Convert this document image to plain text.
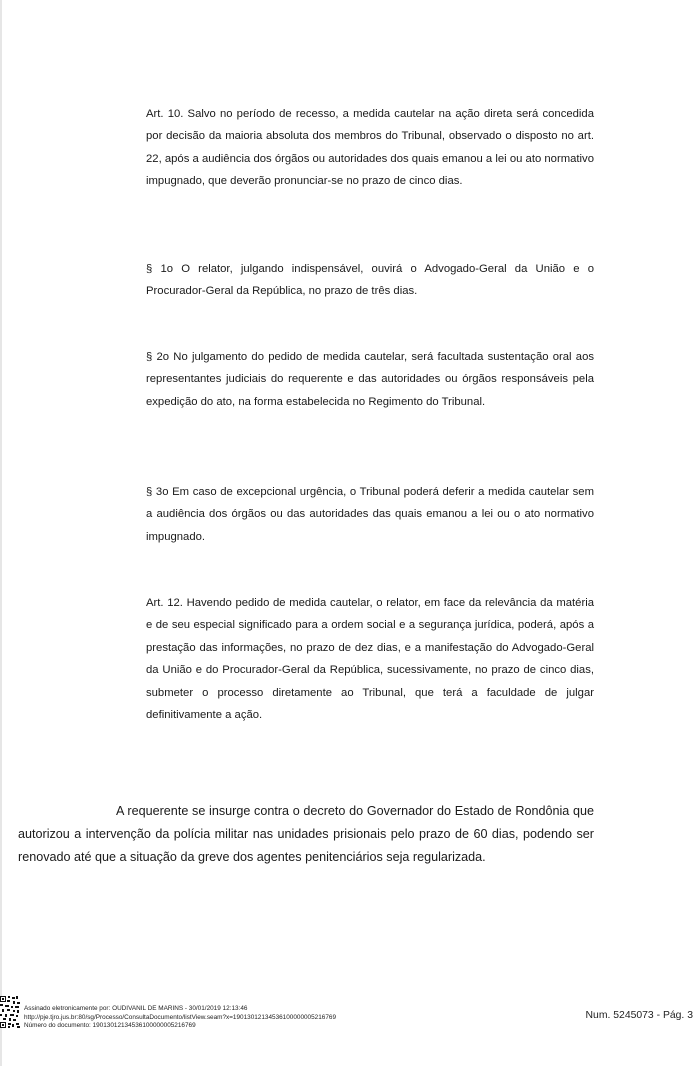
Art. 10. Salvo no período de recesso, a medida cautelar na ação direta será concedida por decisão da maioria absoluta dos membros do Tribunal, observado o disposto no art. 22, após a audiência dos órgãos ou autoridades dos quais emanou a lei ou ato normativo impugnado, que deverão pronunciar-se no prazo de cinco dias.

§ 1o O relator, julgando indispensável, ouvirá o Advogado-Geral da União e o Procurador-Geral da República, no prazo de três dias.

§ 2o No julgamento do pedido de medida cautelar, será facultada sustentação oral aos representantes judiciais do requerente e das autoridades ou órgãos responsáveis pela expedição do ato, na forma estabelecida no Regimento do Tribunal.

§ 3o Em caso de excepcional urgência, o Tribunal poderá deferir a medida cautelar sem a audiência dos órgãos ou das autoridades das quais emanou a lei ou o ato normativo impugnado.

Art. 12. Havendo pedido de medida cautelar, o relator, em face da relevância da matéria e de seu especial significado para a ordem social e a segurança jurídica, poderá, após a prestação das informações, no prazo de dez dias, e a manifestação do Advogado-Geral da União e do Procurador-Geral da República, sucessivamente, no prazo de cinco dias, submeter o processo diretamente ao Tribunal, que terá a faculdade de julgar definitivamente a ação.

A requerente se insurge contra o decreto do Governador do Estado de Rondônia que autorizou a intervenção da polícia militar nas unidades prisionais pelo prazo de 60 dias, podendo ser renovado até que a situação da greve dos agentes penitenciários seja regularizada.

Assinado eletronicamente por: OUDIVANIL DE MARINS - 30/01/2019 12:13:46
http://pje.tjro.jus.br:80/sg/Processo/ConsultaDocumento/listView.seam?x=19013012134536100000005216769
Número do documento: 19013012134536100000005216769
Num. 5245073 - Pág. 3
